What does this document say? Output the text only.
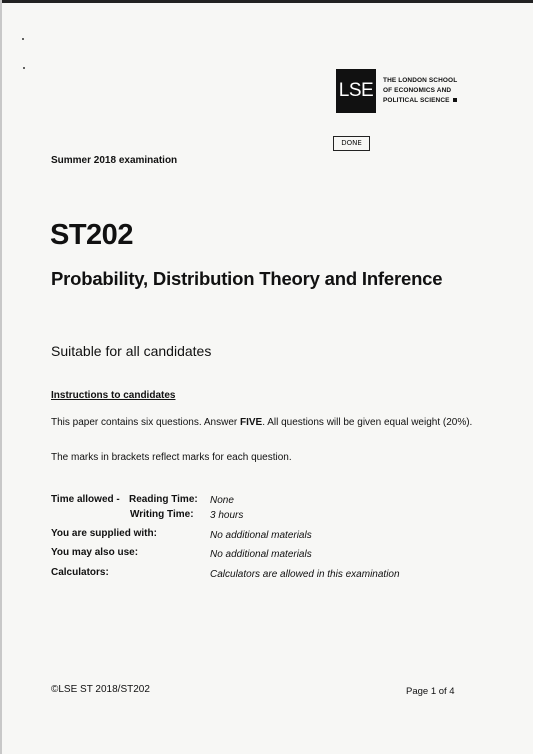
LSE	THE LONDON SCHOOL
OF ECONOMICS AND
POLITICAL SCIENCE
DONE
Summer 2018 examination
ST202
Probability, Distribution Theory and Inference
Suitable for all candidates
Instructions to candidates
This paper contains six questions. Answer FIVE. All questions will be given equal weight (20%).
The marks in brackets reflect marks for each question.
Time allowed - Reading Time: None
Writing Time: 3 hours
You are supplied with:	No additional materials
You may also use:	No additional materials
Calculators:	Calculators are allowed in this examination
©LSE ST 2018/ST202	Page 1 of 4
